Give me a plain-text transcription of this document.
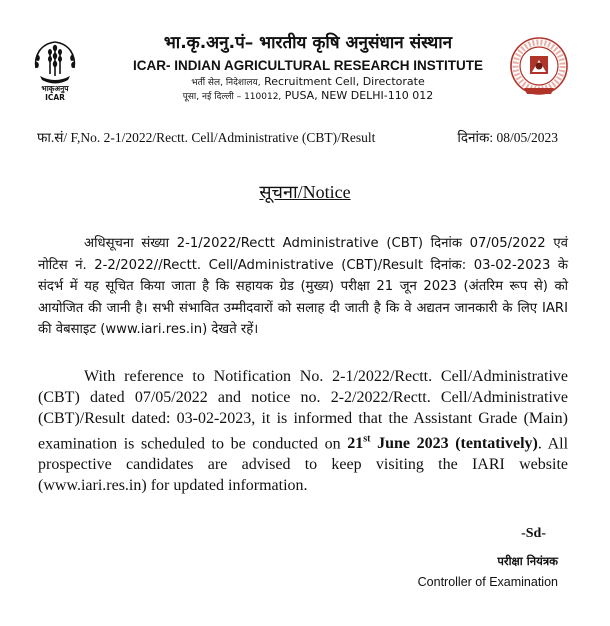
भाकृअनुप
ICAR
भा.कृ.अनु.पं– भारतीय कृषि अनुसंधान संस्थान
ICAR- INDIAN AGRICULTURAL RESEARCH INSTITUTE
भर्ती सेल, निदेशालय, Recruitment Cell, Directorate
पूसा, नई दिल्ली – 110012, PUSA, NEW DELHI-110 012
फा.सं/ F,No. 2-1/2022/Rectt. Cell/Administrative (CBT)/Result	दिनांक: 08/05/2023
सूचना/Notice
अधिसूचना संख्या 2-1/2022/Rectt Administrative (CBT) दिनांक 07/05/2022 एवं नोटिस नं. 2-2/2022//Rectt. Cell/Administrative (CBT)/Result दिनांक: 03-02-2023 के संदर्भ में यह सूचित किया जाता है कि सहायक ग्रेड (मुख्य) परीक्षा 21 जून 2023 (अंतरिम रूप से) को आयोजित की जानी है। सभी संभावित उम्मीदवारों को सलाह दी जाती है कि वे अद्यतन जानकारी के लिए IARI की वेबसाइट (www.iari.res.in) देखते रहें।
With reference to Notification No. 2-1/2022/Rectt. Cell/Administrative (CBT) dated 07/05/2022 and notice no. 2-2/2022/Rectt. Cell/Administrative (CBT)/Result dated: 03-02-2023, it is informed that the Assistant Grade (Main) examination is scheduled to be conducted on 21st June 2023 (tentatively). All prospective candidates are advised to keep visiting the IARI website (www.iari.res.in) for updated information.
-Sd-
परीक्षा नियंत्रक
Controller of Examination
